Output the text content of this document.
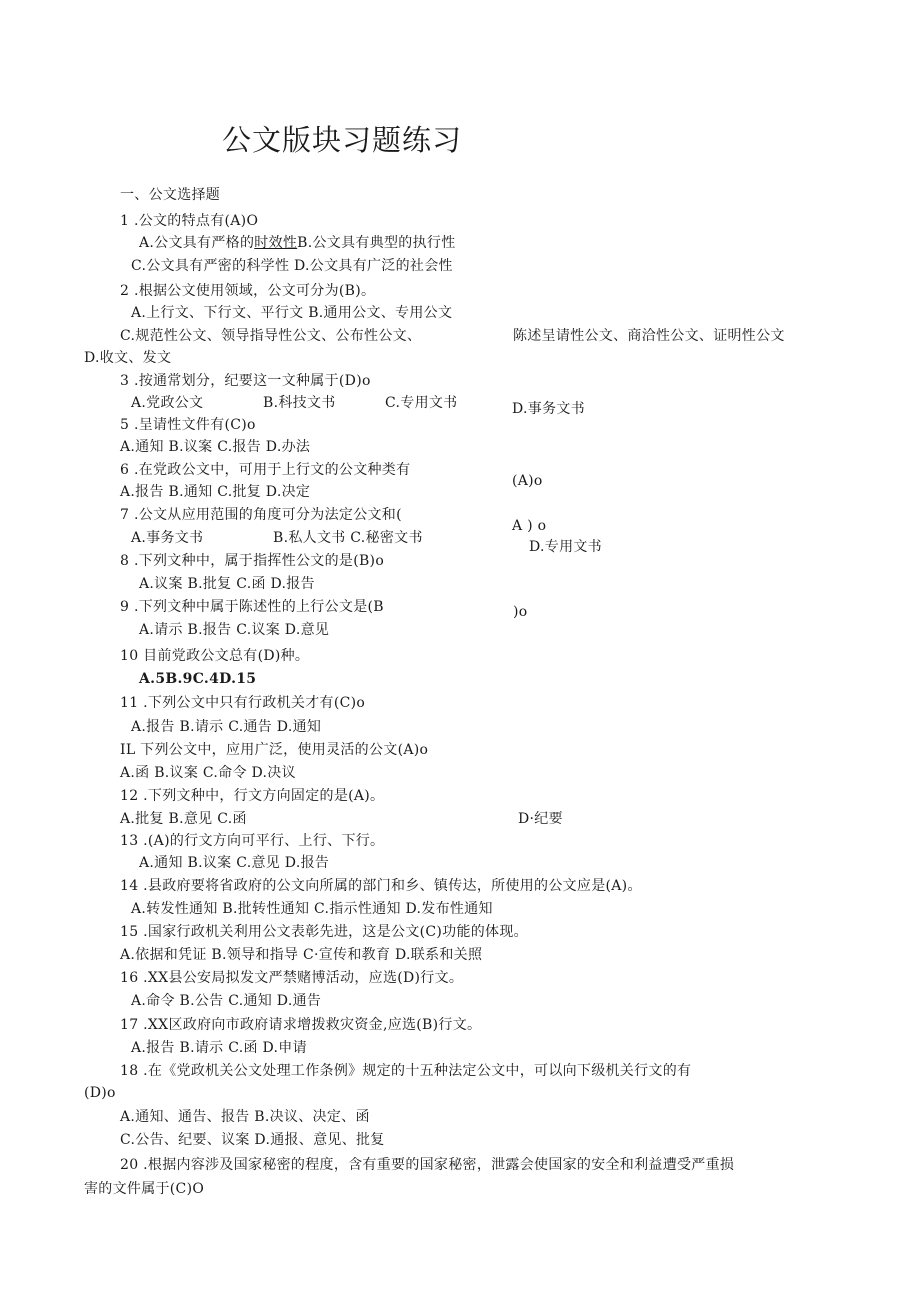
公文版块习题练习
一、公文选择题
1 .公文的特点有(A)O
A.公文具有严格的时效性B.公文具有典型的执行性
C.公文具有严密的科学性 D.公文具有广泛的社会性
2 .根据公文使用领域，公文可分为(B)。
A.上行文、下行文、平行文 B.通用公文、专用公文
C.规范性公文、领导指导性公文、公布性公文、	陈述呈请性公文、商洽性公文、证明性公文
D.收文、发文
3 .按通常划分，纪要这一文种属于(D)o
A.党政公文	B.科技文书	C.专用文书	D.事务文书
5 .呈请性文件有(C)o
A.通知 B.议案 C.报告 D.办法
6 .在党政公文中，可用于上行文的公文种类有
(A)o
A.报告 B.通知 C.批复 D.决定
7 .公文从应用范围的角度可分为法定公文和(
A ) o
A.事务文书	B.私人文书 C.秘密文书
D.专用文书
8 .下列文种中，属于指挥性公文的是(B)o
A.议案 B.批复 C.函 D.报告
9 .下列文种中属于陈述性的上行公文是(B	)o
A.请示 B.报告 C.议案 D.意见
10 目前党政公文总有(D)种。
A.5B.9C.4D.15
11 .下列公文中只有行政机关才有(C)o
A.报告 B.请示 C.通告 D.通知
IL 下列公文中，应用广泛，使用灵活的公文(A)o
A.函 B.议案 C.命令 D.决议
12 .下列文种中，行文方向固定的是(A)。
A.批复 B.意见 C.函	D·纪要
13 .(A)的行文方向可平行、上行、下行。
A.通知 B.议案 C.意见 D.报告
14 .县政府要将省政府的公文向所属的部门和乡、镇传达，所使用的公文应是(A)。
A.转发性通知 B.批转性通知 C.指示性通知 D.发布性通知
15 .国家行政机关利用公文表彰先进，这是公文(C)功能的体现。
A.依据和凭证 B.领导和指导 C·宣传和教育 D.联系和关照
16 .XX县公安局拟发文严禁赌博活动，应选(D)行文。
A.命令 B.公告 C.通知 D.通告
17 .XX区政府向市政府请求增拨救灾资金,应选(B)行文。
A.报告 B.请示 C.函 D.申请
18 .在《党政机关公文处理工作条例》规定的十五种法定公文中，可以向下级机关行文的有
(D)o
A.通知、通告、报告 B.决议、决定、函
C.公告、纪要、议案 D.通报、意见、批复
20 .根据内容涉及国家秘密的程度，含有重要的国家秘密，泄露会使国家的安全和利益遭受严重损
害的文件属于(C)O
